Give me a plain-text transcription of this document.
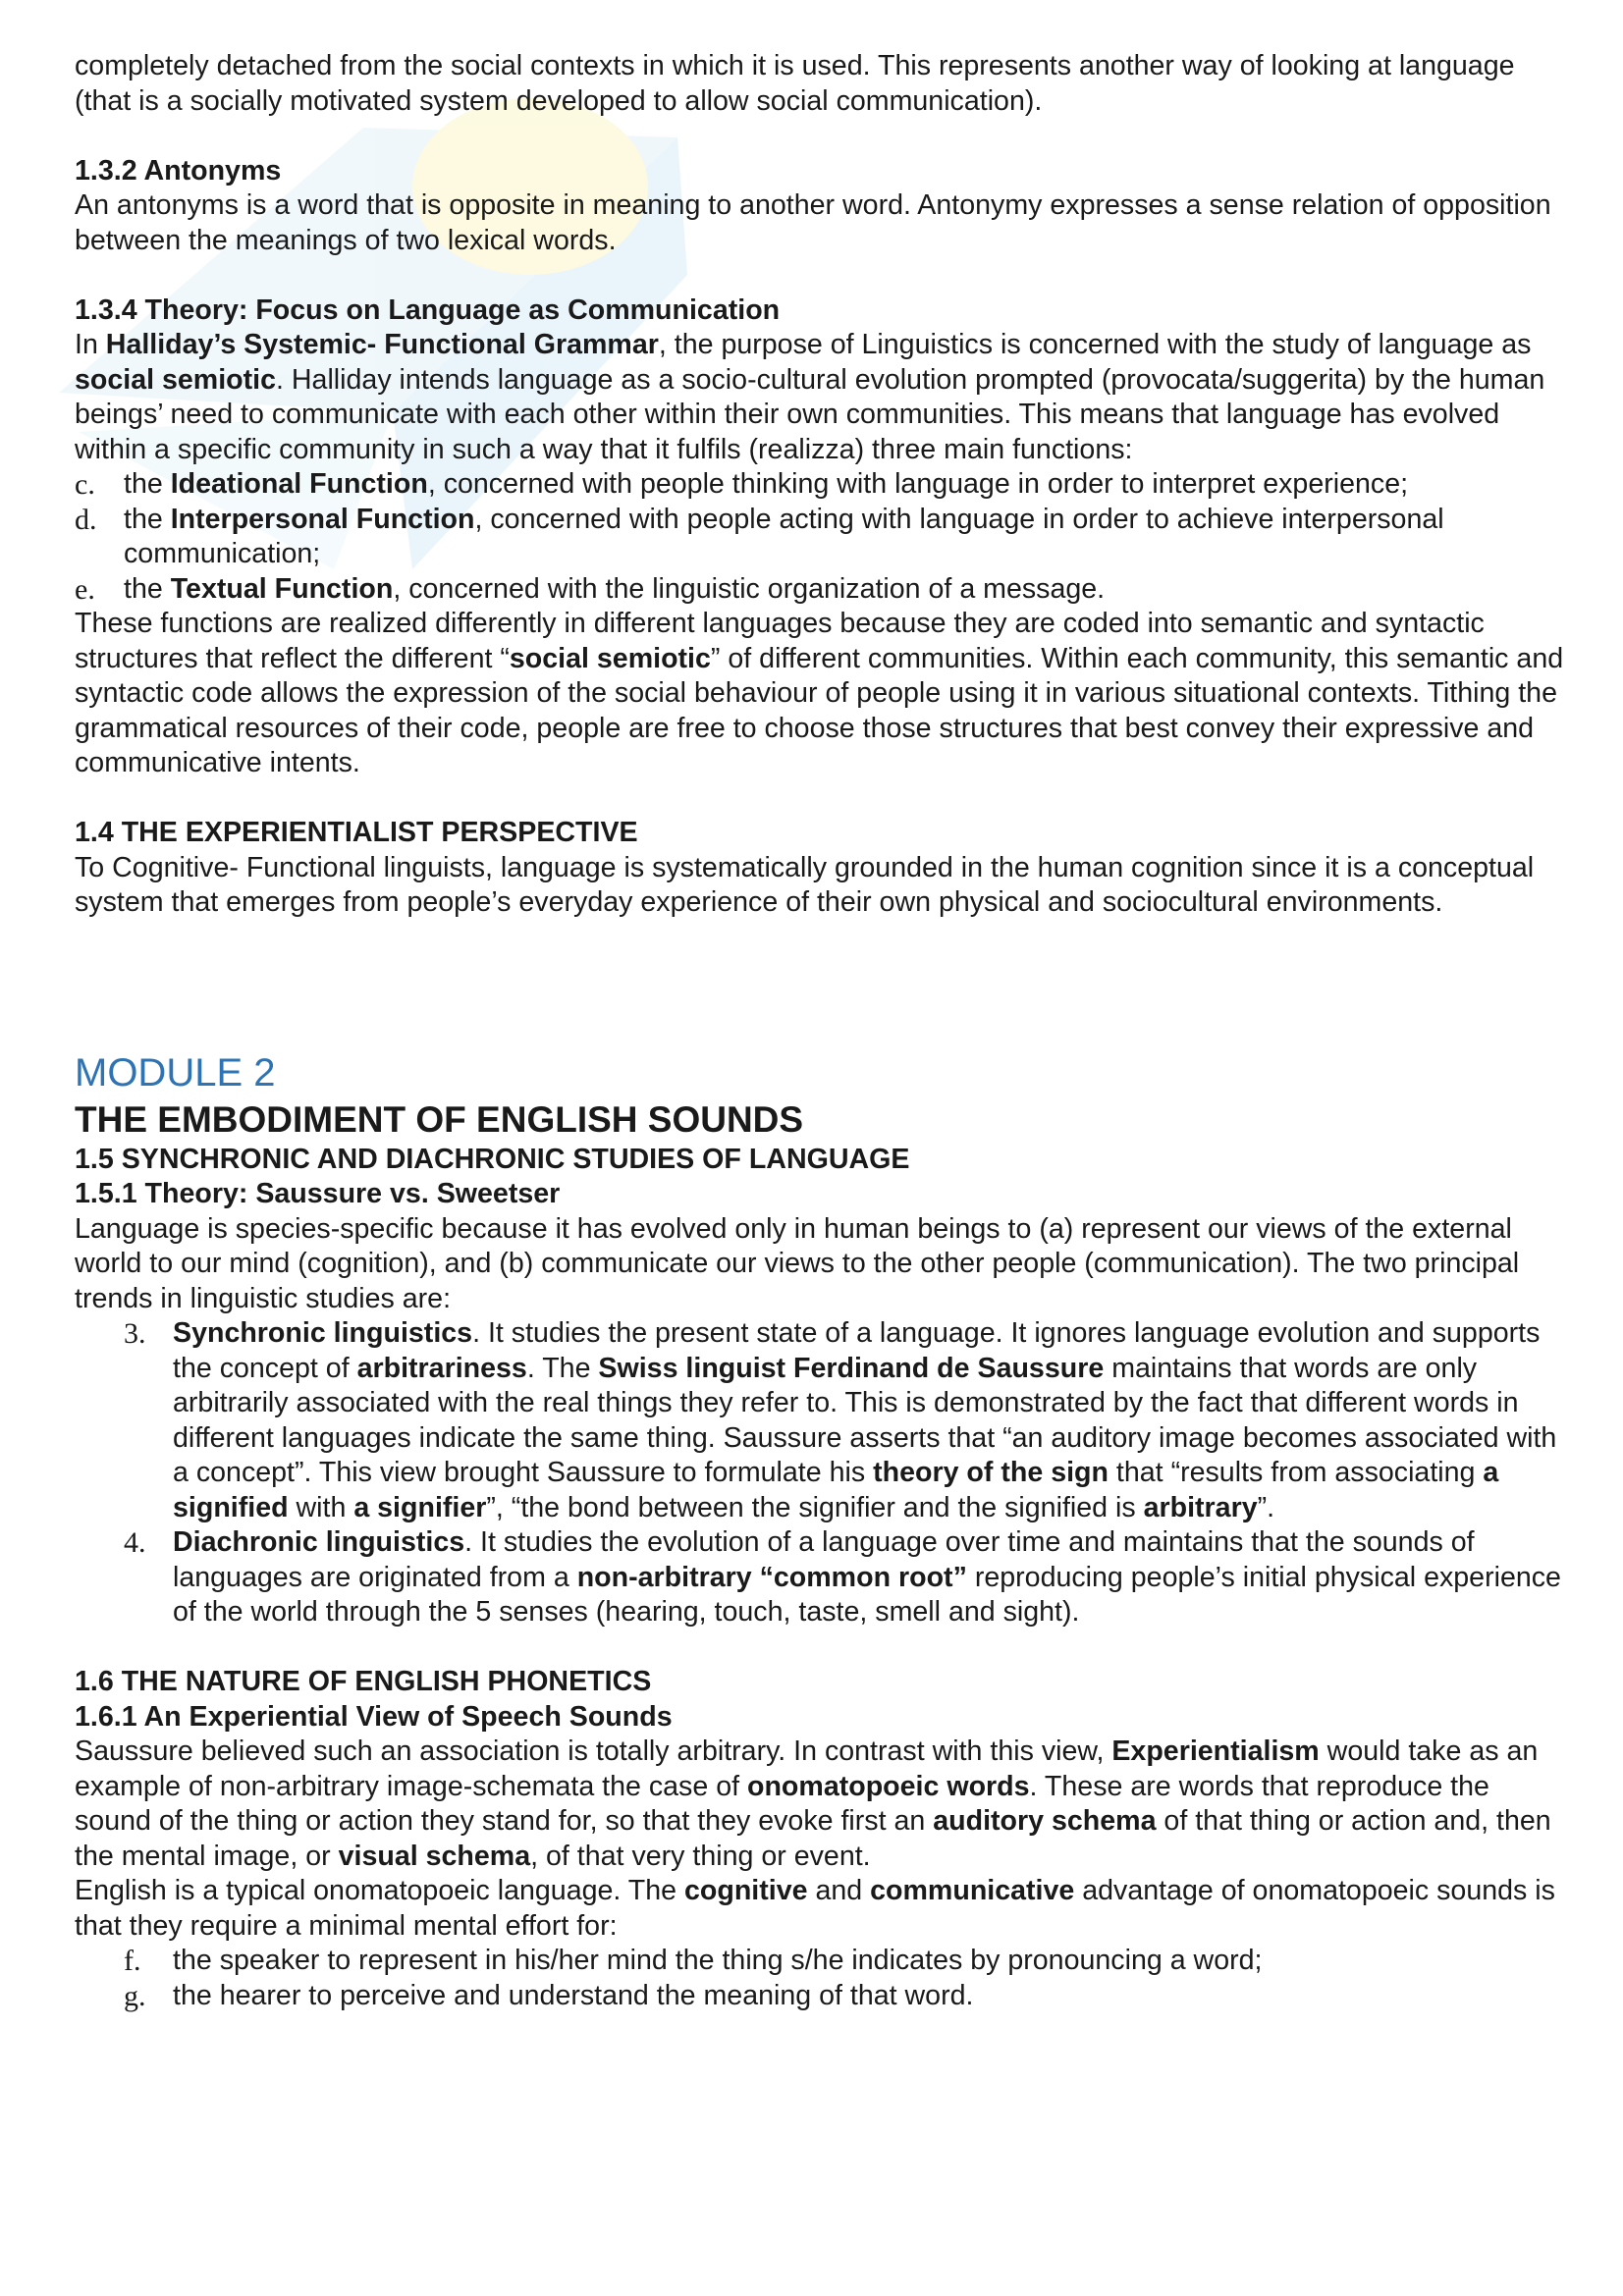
completely detached from the social contexts in which it is used. This represents another way of looking at language (that is a socially motivated system developed to allow social communication).

1.3.2 Antonyms

An antonyms is a word that is opposite in meaning to another word. Antonymy expresses a sense relation of opposition between the meanings of two lexical words.

1.3.4 Theory: Focus on Language as Communication

In Halliday’s Systemic- Functional Grammar, the purpose of Linguistics is concerned with the study of language as social semiotic. Halliday intends language as a socio-cultural evolution prompted (provocata/suggerita) by the human beings’ need to communicate with each other within their own communities. This means that language has evolved within a specific community in such a way that it fulfils (realizza) three main functions:

c. the Ideational Function, concerned with people thinking with language in order to interpret experience;
d. the Interpersonal Function, concerned with people acting with language in order to achieve interpersonal communication;
e. the Textual Function, concerned with the linguistic organization of a message.

These functions are realized differently in different languages because they are coded into semantic and syntactic structures that reflect the different “social semiotic” of different communities. Within each community, this semantic and syntactic code allows the expression of the social behaviour of people using it in various situational contexts. Tithing the grammatical resources of their code, people are free to choose those structures that best convey their expressive and communicative intents.

1.4 THE EXPERIENTIALIST PERSPECTIVE

To Cognitive- Functional linguists, language is systematically grounded in the human cognition since it is a conceptual system that emerges from people’s everyday experience of their own physical and sociocultural environments.

MODULE 2

THE EMBODIMENT OF ENGLISH SOUNDS

1.5 SYNCHRONIC AND DIACHRONIC STUDIES OF LANGUAGE

1.5.1 Theory: Saussure vs. Sweetser

Language is species-specific because it has evolved only in human beings to (a) represent our views of the external world to our mind (cognition), and (b) communicate our views to the other people (communication). The two principal trends in linguistic studies are:

3. Synchronic linguistics. It studies the present state of a language. It ignores language evolution and supports the concept of arbitrariness. The Swiss linguist Ferdinand de Saussure maintains that words are only arbitrarily associated with the real things they refer to. This is demonstrated by the fact that different words in different languages indicate the same thing. Saussure asserts that “an auditory image becomes associated with a concept”. This view brought Saussure to formulate his theory of the sign that “results from associating a signified with a signifier”, “the bond between the signifier and the signified is arbitrary”.
4. Diachronic linguistics. It studies the evolution of a language over time and maintains that the sounds of languages are originated from a non-arbitrary “common root” reproducing people’s initial physical experience of the world through the 5 senses (hearing, touch, taste, smell and sight).

1.6 THE NATURE OF ENGLISH PHONETICS

1.6.1 An Experiential View of Speech Sounds

Saussure believed such an association is totally arbitrary. In contrast with this view, Experientialism would take as an example of non-arbitrary image-schemata the case of onomatopoeic words. These are words that reproduce the sound of the thing or action they stand for, so that they evoke first an auditory schema of that thing or action and, then the mental image, or visual schema, of that very thing or event.

English is a typical onomatopoeic language. The cognitive and communicative advantage of onomatopoeic sounds is that they require a minimal mental effort for:

f. the speaker to represent in his/her mind the thing s/he indicates by pronouncing a word;
g. the hearer to perceive and understand the meaning of that word.
